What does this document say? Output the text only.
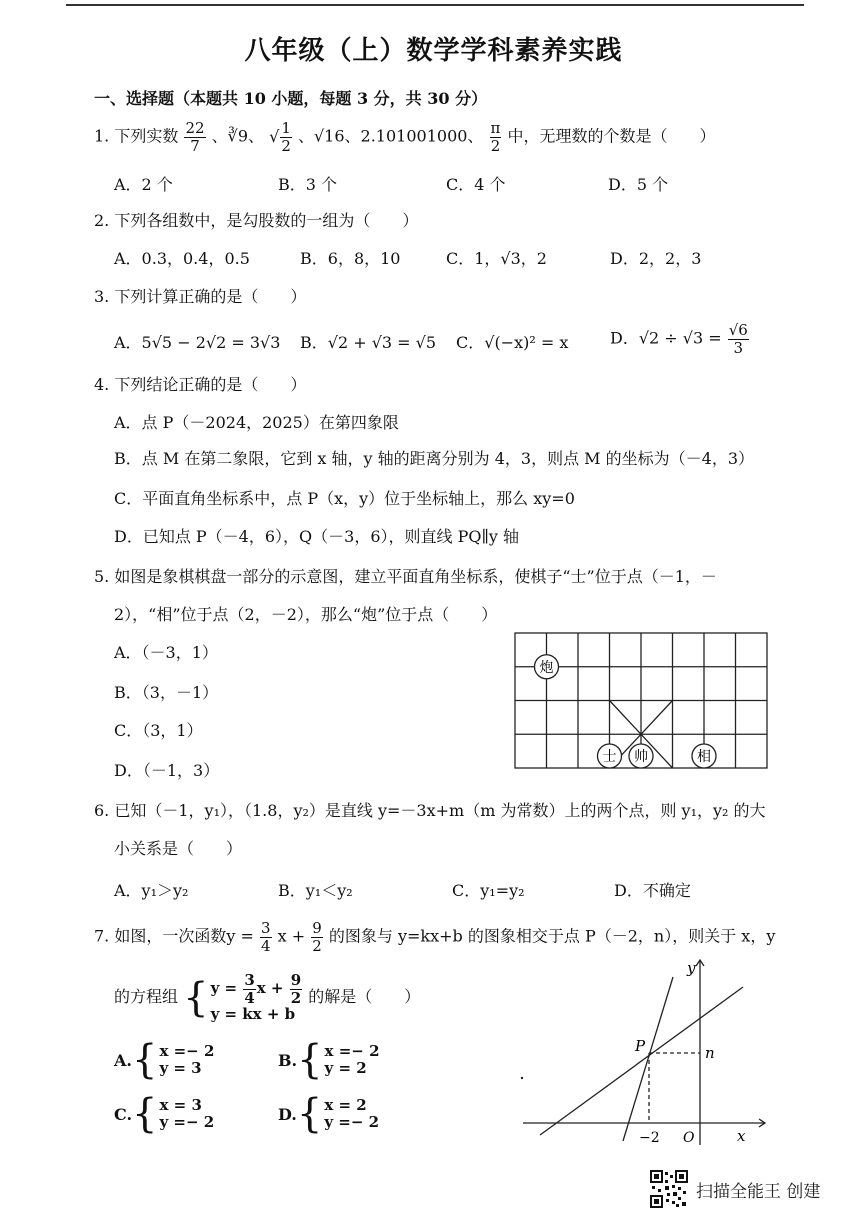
八年级（上）数学学科素养实践
一、选择题（本题共 10 小题，每题 3 分，共 30 分）
1. 下列实数 $\frac{22}{7}$ 、∛9、 √ $\frac{1}{2}$ 、√16、2.101001000、 $\frac{\pi}{2}$ 中，无理数的个数是（　　）
A．2 个	B．3 个	C．4 个	D．5 个
2. 下列各组数中，是勾股数的一组为（　　）
A．0.3，0.4，0.5	B．6，8，10	C．1，√3，2	D．2，2，3
3. 下列计算正确的是（　　）
A．5√5 − 2√2 = 3√3 B．√2 + √3 = √5 C．√(−x)² = x	D．$√2 \div √3 = \frac{√6}{3}$
4. 下列结论正确的是（　　）
A．点 P（－2024，2025）在第四象限
B．点 M 在第二象限，它到 x 轴，y 轴的距离分别为 4，3，则点 M 的坐标为（－4，3）
C．平面直角坐标系中，点 P（x，y）位于坐标轴上，那么 xy=0
D．已知点 P（－4，6），Q（－3，6），则直线 PQ∥y 轴
5. 如图是象棋棋盘一部分的示意图，建立平面直角坐标系，使棋子“士”位于点（－1，－
2），“相”位于点（2，－2），那么“炮”位于点（　　）
A．（－3，1）
B．（3，－1）
C．（3，1）
D．（－1，3）
炮
士 帅	相
6. 已知（－1，y₁），（1.8，y₂）是直线 y=－3x+m（m 为常数）上的两个点，则 y₁，y₂ 的大
小关系是（　　）
A．y₁＞y₂	B．y₁＜y₂	C．y₁=y₂	D．不确定
7. 如图，一次函数$y = \frac{3}{4}$ $x + \frac{9}{2}$ 的图象与 y=kx+b 的图象相交于点 P（－2，n），则关于 x，y
的方程组 { $y = \frac{3}{4}$ $x + \frac{9}{2}$
y = kx + b
的解是（　　）
A. { x =− 2
y = 3	B. { x =− 2
y = 2
C. { x = 3
y =− 2	D. { x = 2
y =− 2
y
x
P	n
−2 O
扫描全能王 创建
